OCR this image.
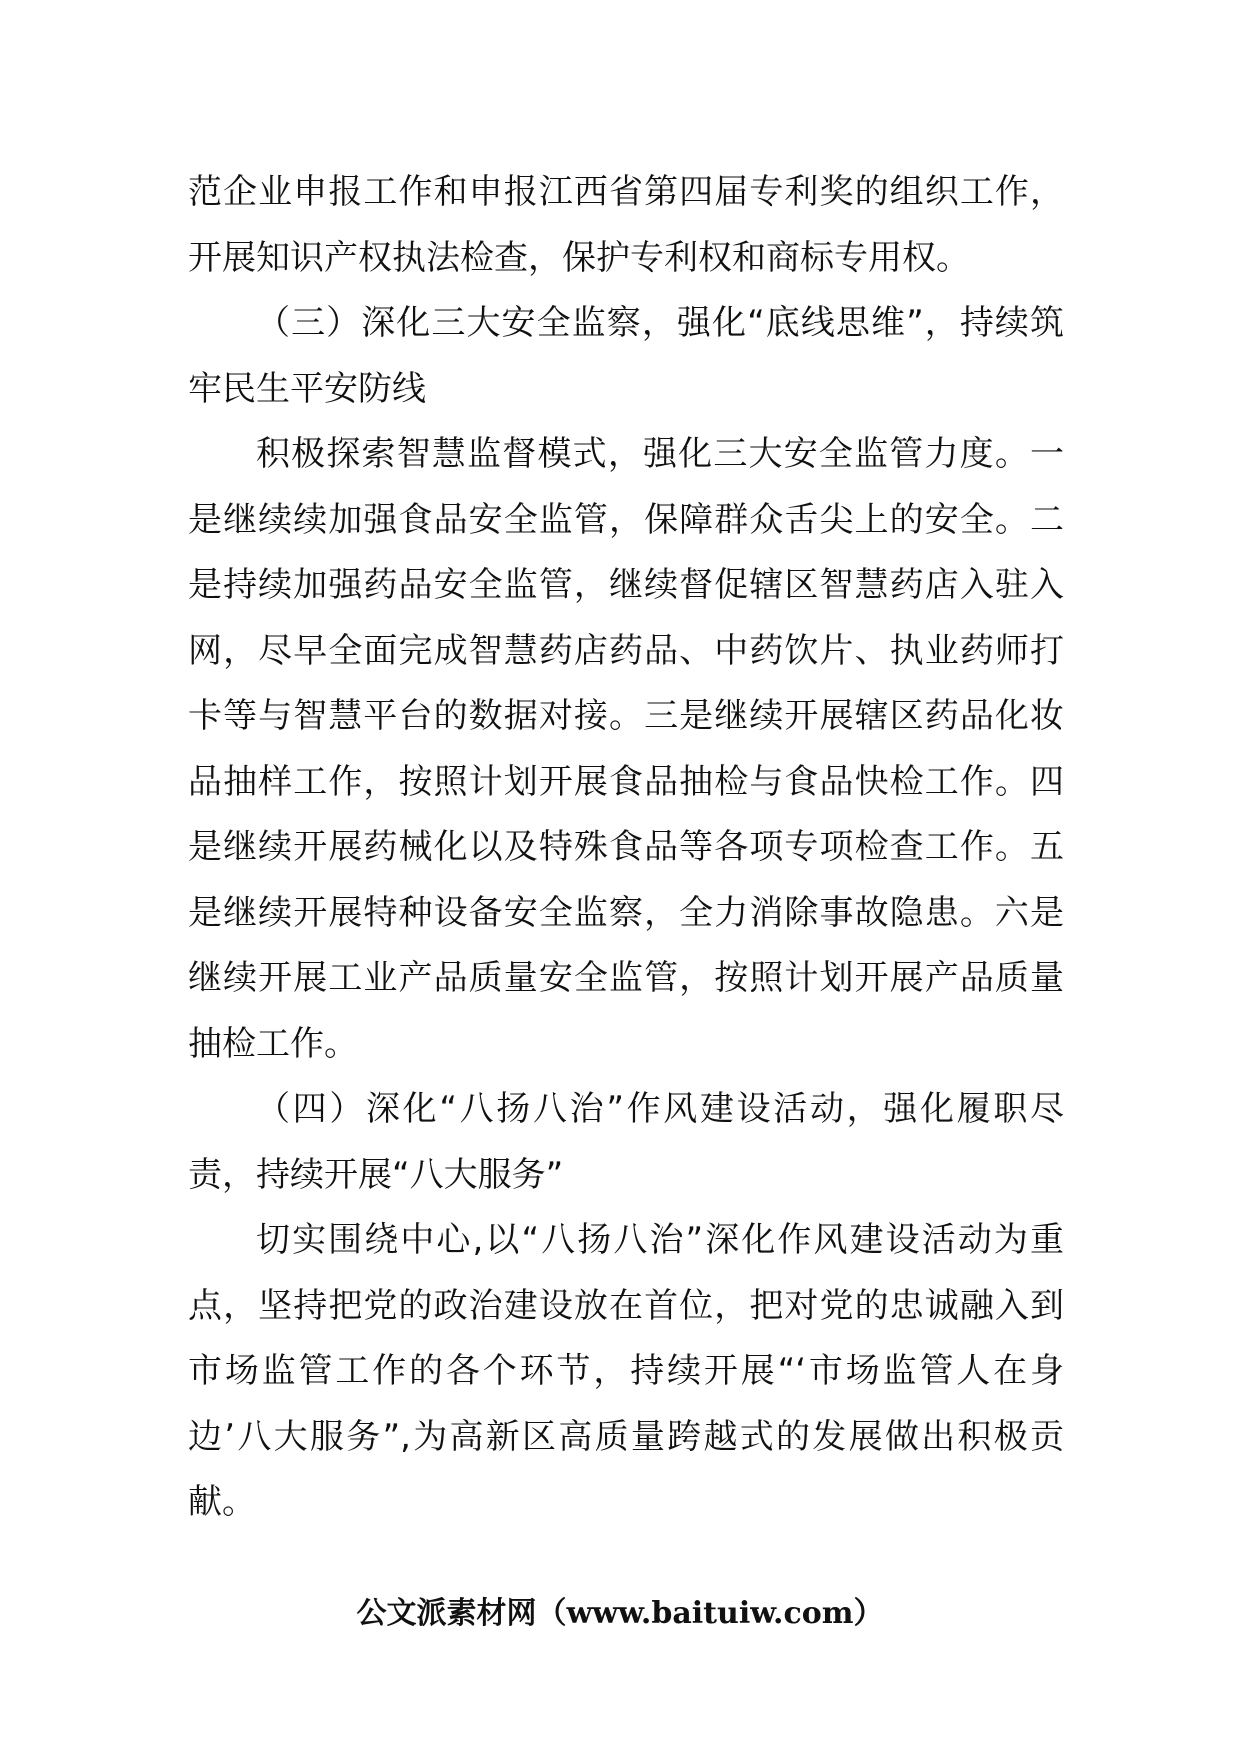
范企业申报工作和申报江西省第四届专利奖的组织工作，开展知识产权执法检查，保护专利权和商标专用权。

（三）深化三大安全监察，强化“底线思维”，持续筑牢民生平安防线

积极探索智慧监督模式，强化三大安全监管力度。一是继续续加强食品安全监管，保障群众舌尖上的安全。二是持续加强药品安全监管，继续督促辖区智慧药店入驻入网，尽早全面完成智慧药店药品、中药饮片、执业药师打卡等与智慧平台的数据对接。三是继续开展辖区药品化妆品抽样工作，按照计划开展食品抽检与食品快检工作。四是继续开展药械化以及特殊食品等各项专项检查工作。五是继续开展特种设备安全监察，全力消除事故隐患。六是继续开展工业产品质量安全监管，按照计划开展产品质量抽检工作。

（四）深化“八扬八治”作风建设活动，强化履职尽责，持续开展“八大服务”

切实围绕中心,以“八扬八治”深化作风建设活动为重点，坚持把党的政治建设放在首位，把对党的忠诚融入到市场监管工作的各个环节，持续开展“‘市场监管人在身边’八大服务”,为高新区高质量跨越式的发展做出积极贡献。

公文派素材网（www.baituiw.com）
